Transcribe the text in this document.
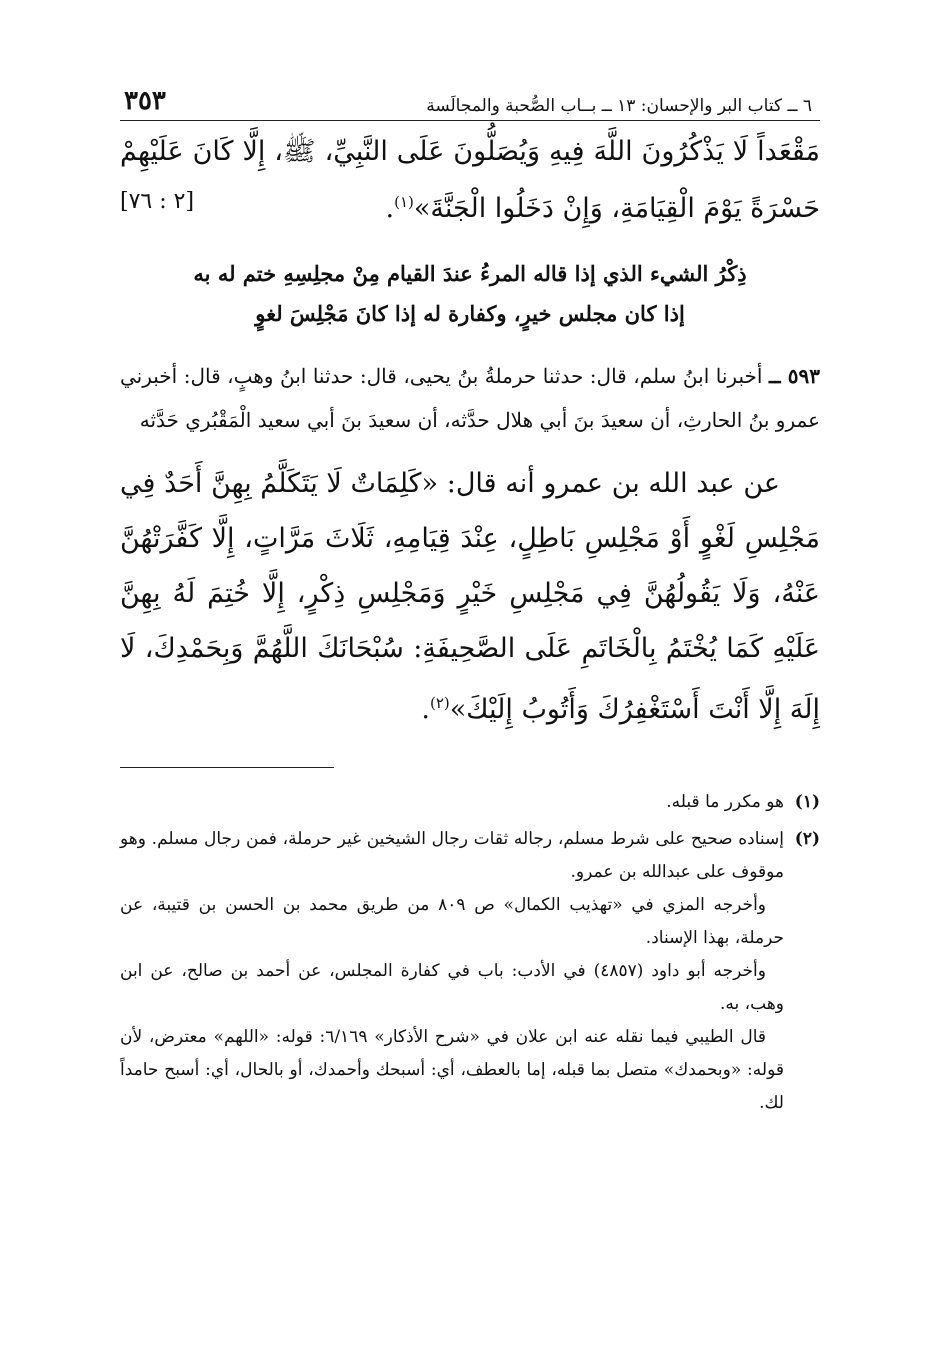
٦ ــ كتاب البر والإحسان: ١٣ ــ بــاب الصُّحبة والمجالَسة
٣٥٣
مَقْعَداً لَا يَذْكُرُونَ اللَّهَ فِيهِ وَيُصَلُّونَ عَلَى النَّبِيِّ، ﷺ، إِلَّا كَانَ عَلَيْهِمْ حَسْرَةً يَوْمَ الْقِيَامَةِ، وَإِنْ دَخَلُوا الْجَنَّةَ»$^{(١)}$.
[٢ : ٧٦]
ذِكْرُ الشيء الذي إذا قاله المرءُ عندَ القيام مِنْ مجلِسِهِ ختم له به
إذا كان مجلس خيرٍ، وكفارة له إذا كانَ مَجْلِسَ لغوٍ
٥٩٣ ــ أخبرنا ابنُ سلم، قال: حدثنا حرملةُ بنُ يحيى، قال: حدثنا ابنُ وهبٍ، قال: أخبرني عمرو بنُ الحارثِ، أن سعيدَ بنَ أبي هلال حدَّثه، أن سعيدَ بنَ أبي سعيد الْمَقْبُري حَدَّثه
عن عبد الله بن عمرو أنه قال: «كَلِمَاتٌ لَا يَتَكَلَّمُ بِهِنَّ أَحَدٌ فِي مَجْلِسِ لَغْوٍ أَوْ مَجْلِسِ بَاطِلٍ، عِنْدَ قِيَامِهِ، ثَلَاثَ مَرَّاتٍ، إِلَّا كَفَّرَتْهُنَّ عَنْهُ، وَلَا يَقُولُهُنَّ فِي مَجْلِسِ خَيْرٍ وَمَجْلِسِ ذِكْرٍ، إِلَّا خُتِمَ لَهُ بِهِنَّ عَلَيْهِ كَمَا يُخْتَمُ بِالْخَاتَمِ عَلَى الصَّحِيفَةِ: سُبْحَانَكَ اللَّهُمَّ وَبِحَمْدِكَ، لَا إِلَهَ إِلَّا أَنْتَ أَسْتَغْفِرُكَ وَأَتُوبُ إِلَيْكَ»$^{(٢)}$.
(١)

هو مكرر ما قبله.

(٢)

إسناده صحيح على شرط مسلم، رجاله ثقات رجال الشيخين غير حرملة، فمن رجال مسلم. وهو موقوف على عبدالله بن عمرو.

وأخرجه المزي في «تهذيب الكمال» ص ٨٠٩ من طريق محمد بن الحسن بن قتيبة، عن حرملة، بهذا الإسناد.

وأخرجه أبو داود (٤٨٥٧) في الأدب: باب في كفارة المجلس، عن أحمد بن صالح، عن ابن وهب، به.

قال الطيبي فيما نقله عنه ابن علان في «شرح الأذكار» ٦/١٦٩: قوله: «اللهم» معترض، لأن قوله: «وبحمدك» متصل بما قبله، إما بالعطف، أي: أسبحك وأحمدك، أو بالحال، أي: أسبح حامداً لك.
